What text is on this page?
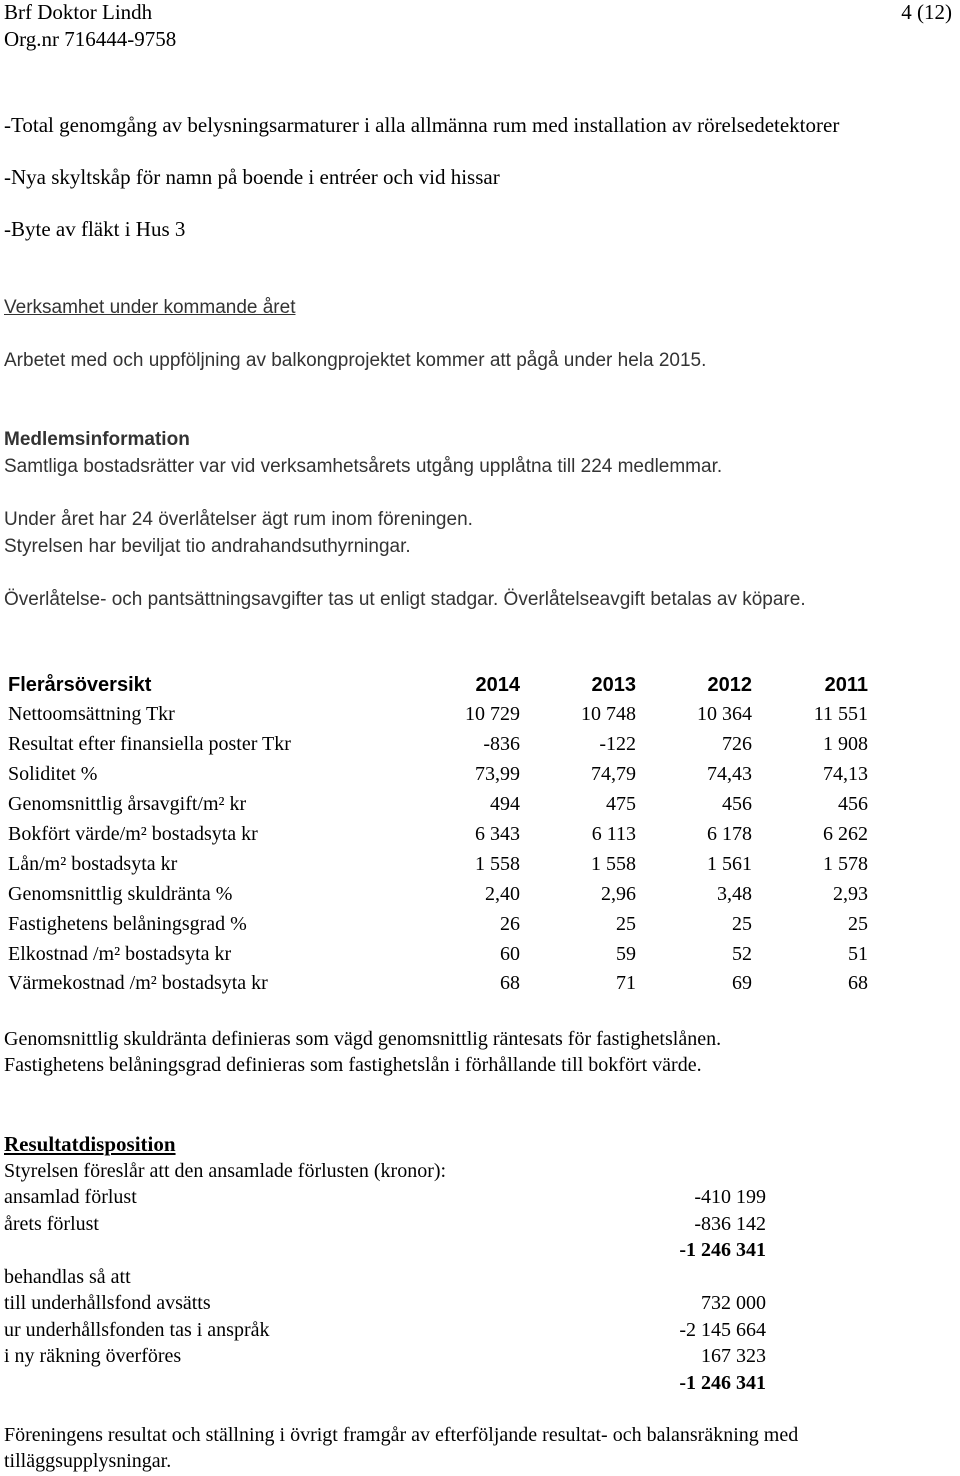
Brf Doktor Lindh
Org.nr 716444-9758
4 (12)
-Total genomgång av belysningsarmaturer i alla allmänna rum med installation av rörelsedetektorer
-Nya skyltskåp för namn på boende i entréer och vid hissar
-Byte av fläkt i Hus 3
Verksamhet under kommande året
Arbetet med och uppföljning av balkongprojektet kommer att pågå under hela 2015.
Medlemsinformation
Samtliga bostadsrätter var vid verksamhetsårets utgång upplåtna till 224 medlemmar.
Under året har 24 överlåtelser ägt rum inom föreningen.
Styrelsen har beviljat tio andrahandsuthyrningar.
Överlåtelse- och pantsättningsavgifter tas ut enligt stadgar. Överlåtelseavgift betalas av köpare.
Flerårsöversikt	2014	2013	2012	2011
Nettoomsättning Tkr	10 729	10 748	10 364	11 551
Resultat efter finansiella poster Tkr	-836	-122	726	1 908
Soliditet %	73,99	74,79	74,43	74,13
Genomsnittlig årsavgift/m² kr	494	475	456	456
Bokfört värde/m² bostadsyta kr	6 343	6 113	6 178	6 262
Lån/m² bostadsyta kr	1 558	1 558	1 561	1 578
Genomsnittlig skuldränta %	2,40	2,96	3,48	2,93
Fastighetens belåningsgrad %	26	25	25	25
Elkostnad /m² bostadsyta kr	60	59	52	51
Värmekostnad /m² bostadsyta kr	68	71	69	68
Genomsnittlig skuldränta definieras som vägd genomsnittlig räntesats för fastighetslånen.
Fastighetens belåningsgrad definieras som fastighetslån i förhållande till bokfört värde.
Resultatdisposition
Styrelsen föreslår att den ansamlade förlusten (kronor):
ansamlad förlust	-410 199
årets förlust	-836 142
-1 246 341
behandlas så att
till underhållsfond avsätts	732 000
ur underhållsfonden tas i anspråk	-2 145 664
i ny räkning överföres	167 323
-1 246 341
Föreningens resultat och ställning i övrigt framgår av efterföljande resultat- och balansräkning med
tilläggsupplysningar.
